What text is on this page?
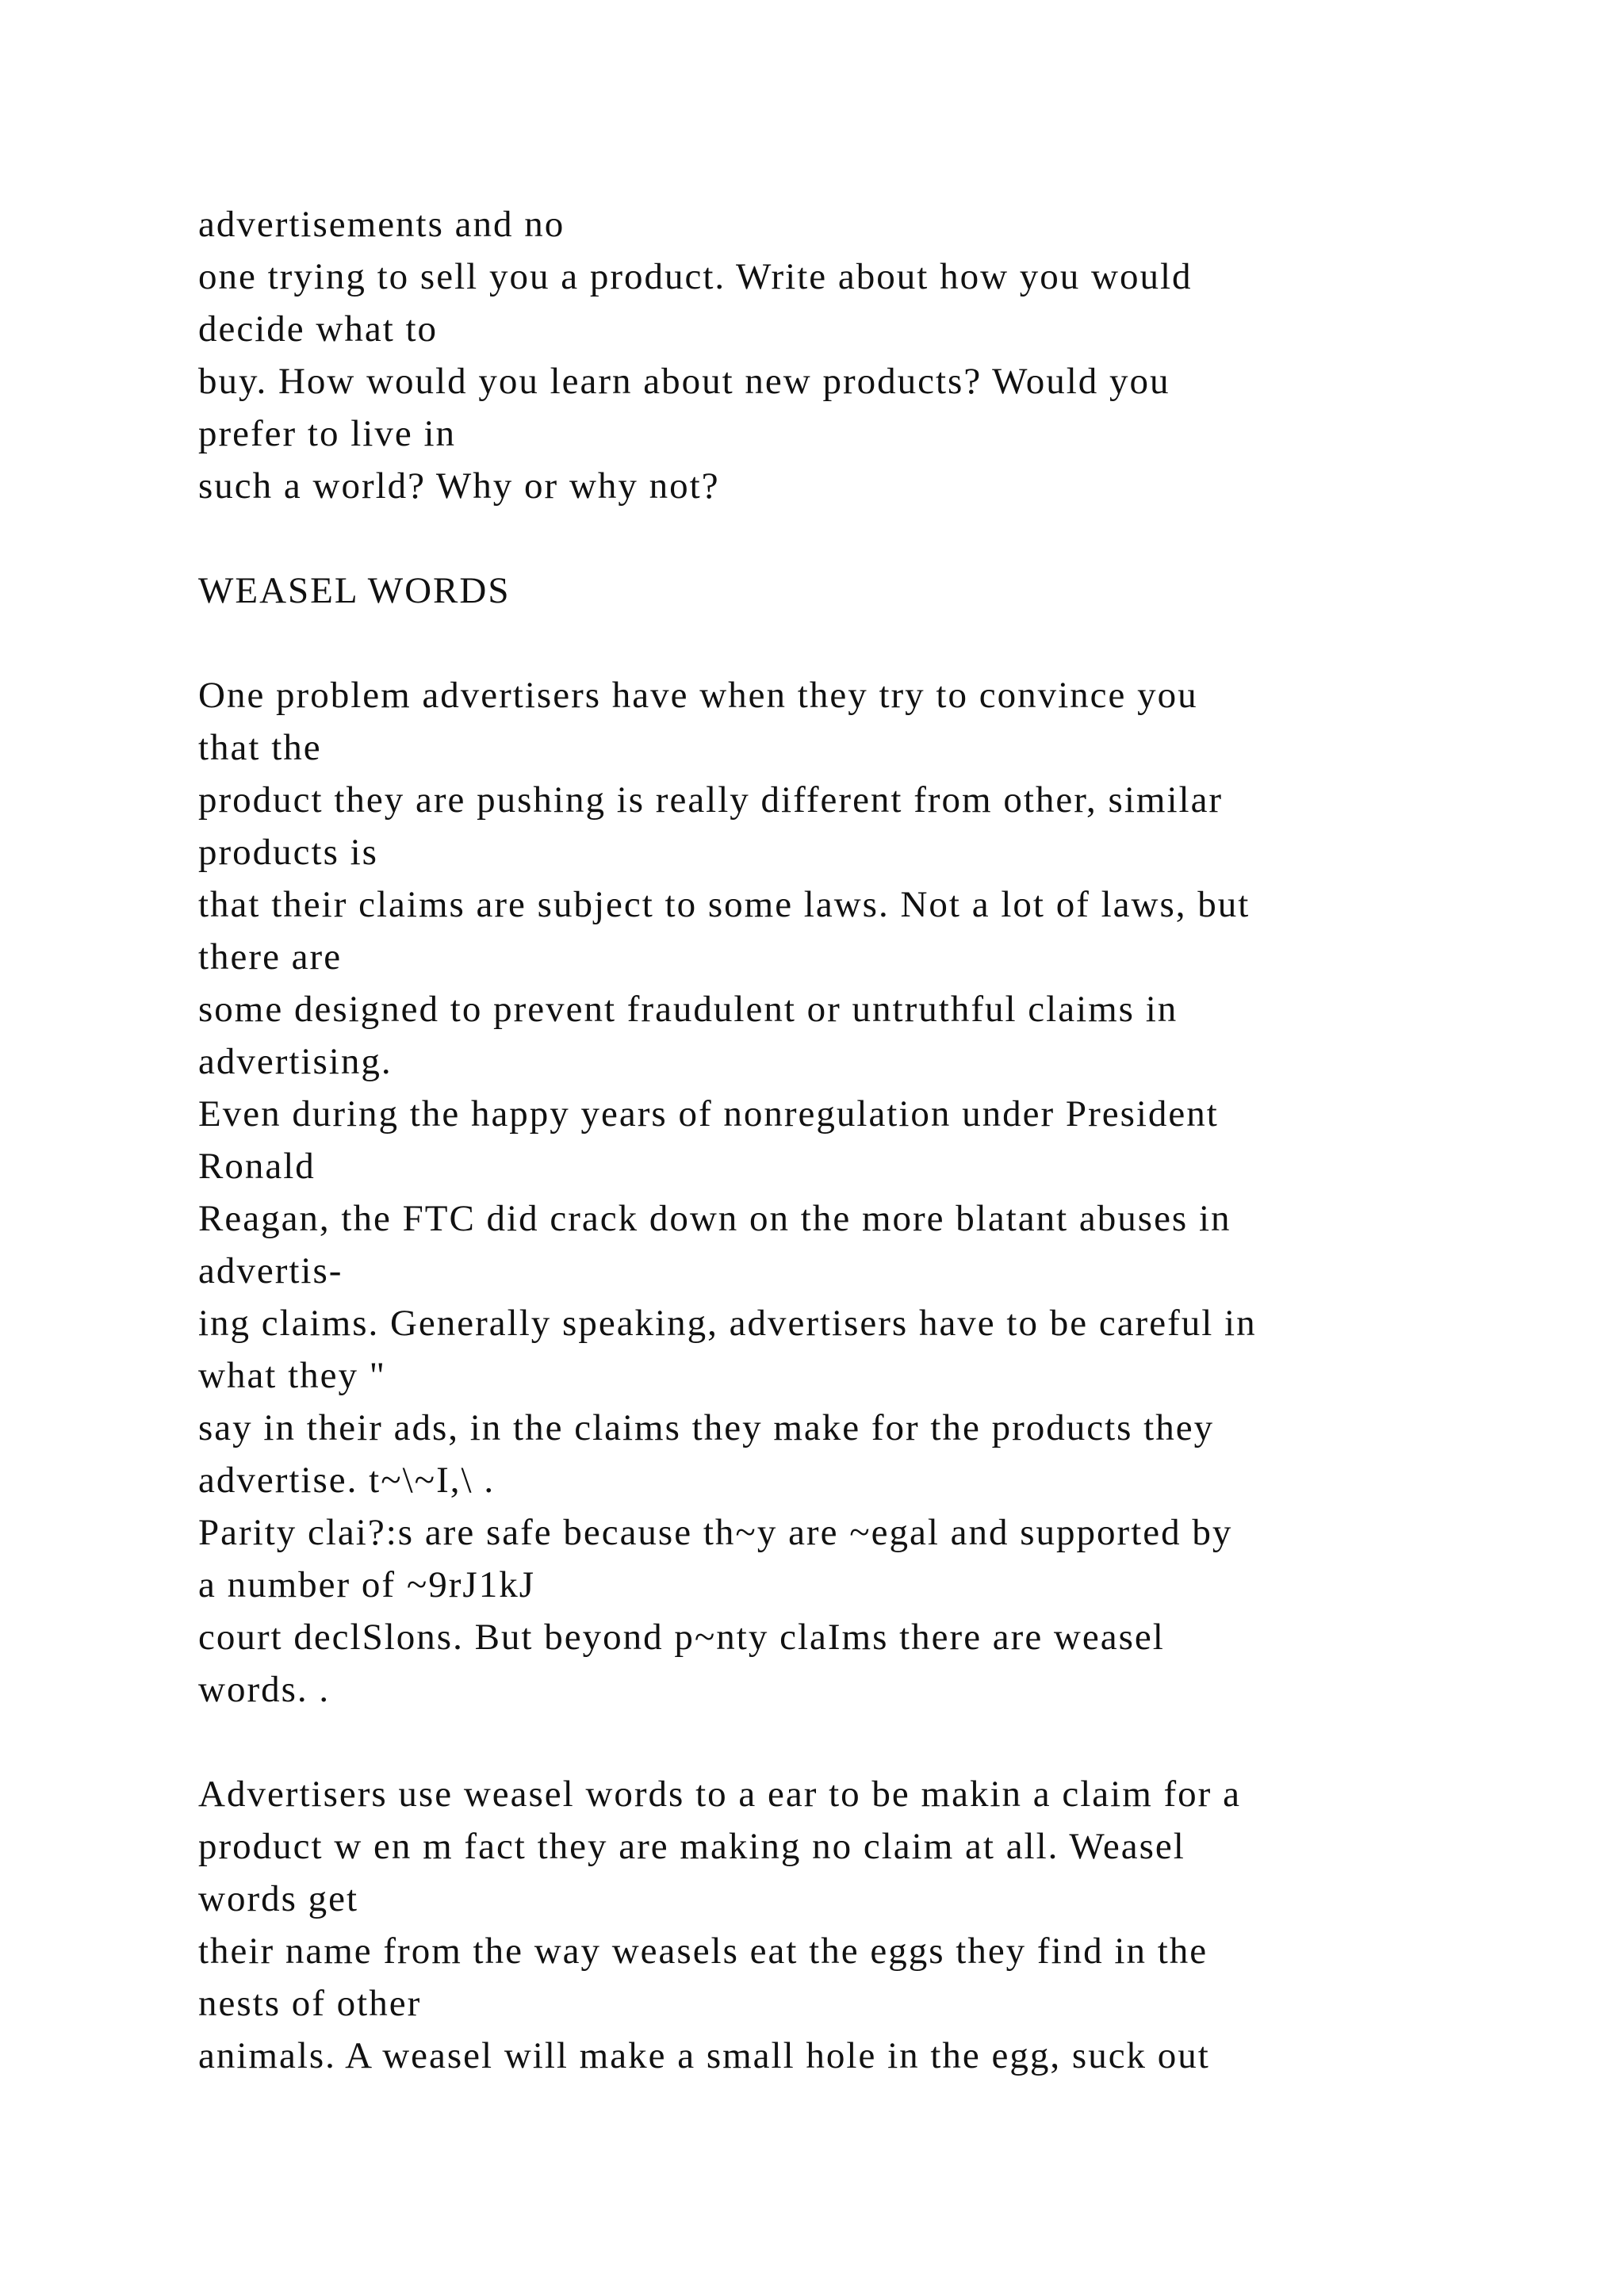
advertisements and no
one trying to sell you a product. Write about how you would
decide what to
buy. How would you learn about new products? Would you
prefer to live in
such a world? Why or why not?
WEASEL WORDS
One problem advertisers have when they try to convince you
that the
product they are pushing is really different from other, similar
products is
that their claims are subject to some laws. Not a lot of laws, but
there are
some designed to prevent fraudulent or untruthful claims in
advertising.
Even during the happy years of nonregulation under President
Ronald
Reagan, the FTC did crack down on the more blatant abuses in
advertis-
ing claims. Generally speaking, advertisers have to be careful in
what they "
say in their ads, in the claims they make for the products they
advertise. t~\~I,\ .
Parity clai?:s are safe because th~y are ~egal and supported by
a number of ~9rJ1kJ
court declSlons. But beyond p~nty claIms there are weasel
words. .
Advertisers use weasel words to a ear to be makin a claim for a
product w en m fact they are making no claim at all. Weasel
words get
their name from the way weasels eat the eggs they find in the
nests of other
animals. A weasel will make a small hole in the egg, suck out
